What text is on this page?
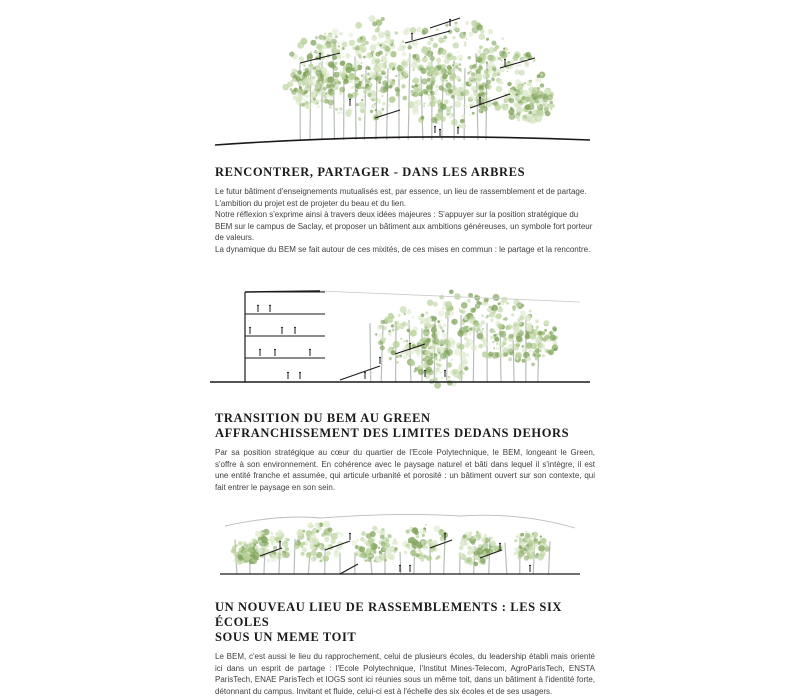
RENCONTRER, PARTAGER - DANS LES ARBRES

Le futur bâtiment d'enseignements mutualisés est, par essence, un lieu de rassemblement et de partage. L'ambition du projet est de projeter du beau et du lien.
Notre réflexion s'exprime ainsi à travers deux idées majeures : S'appuyer sur la position stratégique du BEM sur le campus de Saclay, et proposer un bâtiment aux ambitions généreuses, un symbole fort porteur de valeurs.
La dynamique du BEM se fait autour de ces mixités, de ces mises en commun : le partage et la rencontre.

TRANSITION DU BEM AU GREEN
AFFRANCHISSEMENT DES LIMITES DEDANS DEHORS

Par sa position stratégique au cœur du quartier de l'Ecole Polytechnique, le BEM, longeant le Green, s'offre à son environnement. En cohérence avec le paysage naturel et bâti dans lequel il s'intègre, il est une entité franche et assumée, qui articule urbanité et porosité : un bâtiment ouvert sur son contexte, qui fait entrer le paysage en son sein.

UN NOUVEAU LIEU DE RASSEMBLEMENTS : LES SIX ÉCOLES
SOUS UN MEME TOIT

Le BEM, c'est aussi le lieu du rapprochement, celui de plusieurs écoles, du leadership établi mais orienté ici dans un esprit de partage : l'Ecole Polytechnique, l'Institut Mines-Telecom, AgroParisTech, ENSTA ParisTech, ENAE ParisTech et IOGS sont ici réunies sous un même toit, dans un bâtiment à l'identité forte, détonnant du campus. Invitant et fluide, celui-ci est à l'échelle des six écoles et de ses usagers.
